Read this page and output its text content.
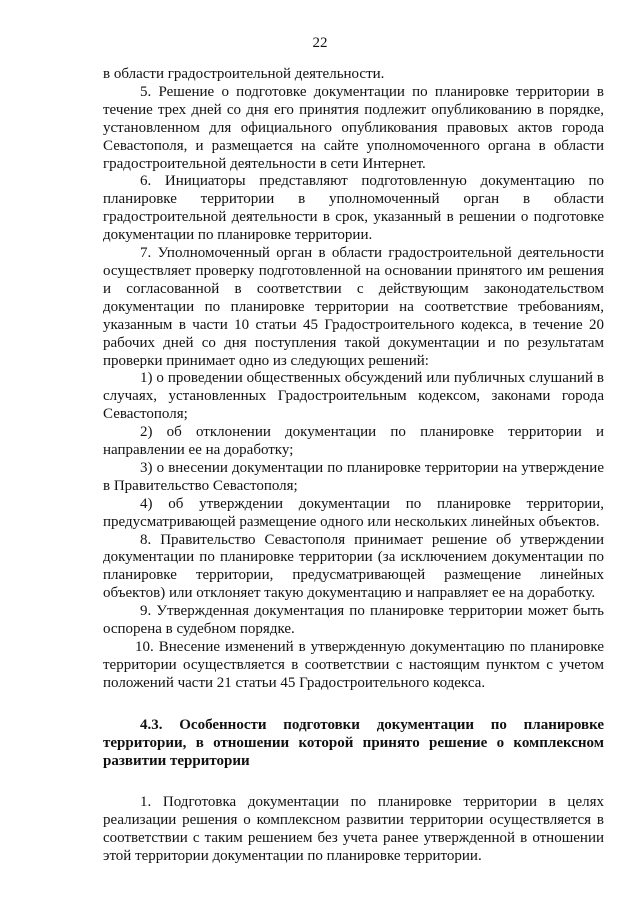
22

в области градостроительной деятельности.

5. Решение о подготовке документации по планировке территории в течение трех дней со дня его принятия подлежит опубликованию в порядке, установленном для официального опубликования правовых актов города Севастополя, и размещается на сайте уполномоченного органа в области градостроительной деятельности в сети Интернет.

6. Инициаторы представляют подготовленную документацию по планировке территории в уполномоченный орган в области градостроительной деятельности в срок, указанный в решении о подготовке документации по планировке территории.

7. Уполномоченный орган в области градостроительной деятельности осуществляет проверку подготовленной на основании принятого им решения и согласованной в соответствии с действующим законодательством документации по планировке территории на соответствие требованиям, указанным в части 10 статьи 45 Градостроительного кодекса, в течение 20 рабочих дней со дня поступления такой документации и по результатам проверки принимает одно из следующих решений:

1) о проведении общественных обсуждений или публичных слушаний в случаях, установленных Градостроительным кодексом, законами города Севастополя;

2) об отклонении документации по планировке территории и направлении ее на доработку;

3) о внесении документации по планировке территории на утверждение в Правительство Севастополя;

4) об утверждении документации по планировке территории, предусматривающей размещение одного или нескольких линейных объектов.

8. Правительство Севастополя принимает решение об утверждении документации по планировке территории (за исключением документации по планировке территории, предусматривающей размещение линейных объектов) или отклоняет такую документацию и направляет ее на доработку.

9. Утвержденная документация по планировке территории может быть оспорена в судебном порядке.

10. Внесение изменений в утвержденную документацию по планировке территории осуществляется в соответствии с настоящим пунктом с учетом положений части 21 статьи 45 Градостроительного кодекса.

4.3. Особенности подготовки документации по планировке территории, в отношении которой принято решение о комплексном развитии территории

1. Подготовка документации по планировке территории в целях реализации решения о комплексном развитии территории осуществляется в соответствии с таким решением без учета ранее утвержденной в отношении этой территории документации по планировке территории.
